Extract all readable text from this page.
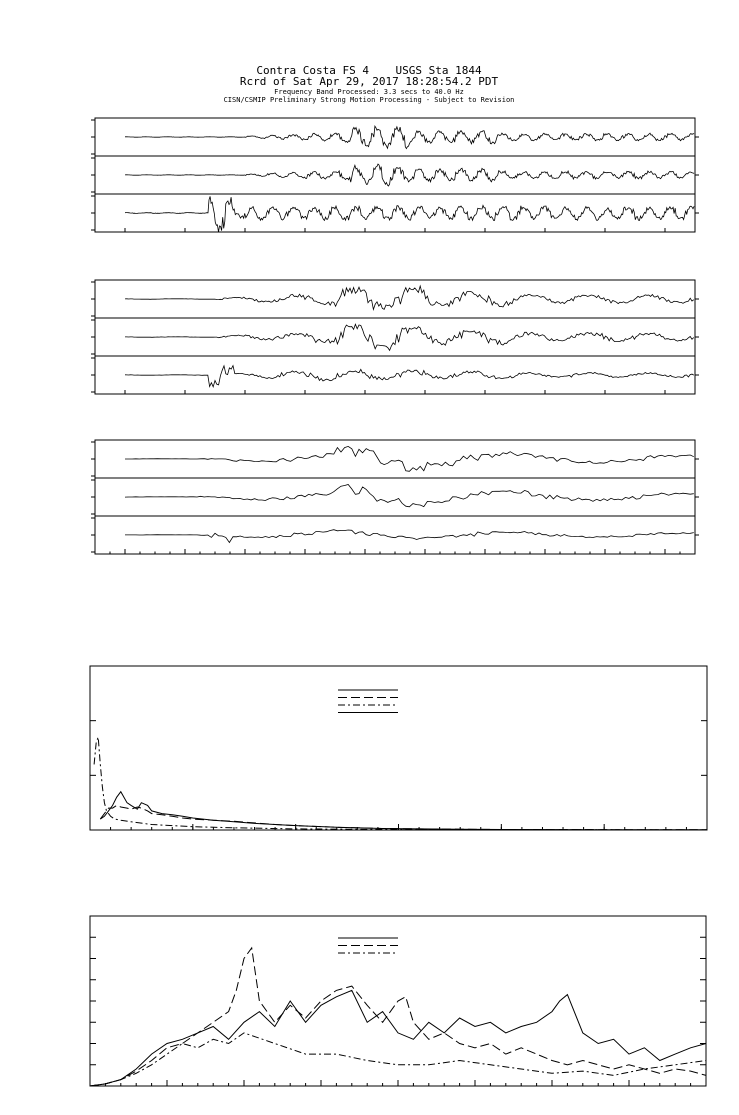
Contra Costa FS 4    USGS Sta 1844
Rcrd of Sat Apr 29, 2017 18:28:54.2 PDT
Frequency Band Processed: 3.3 secs to 40.0 Hz
CISN/CSMIP Preliminary Strong Motion Processing - Subject to Revision
